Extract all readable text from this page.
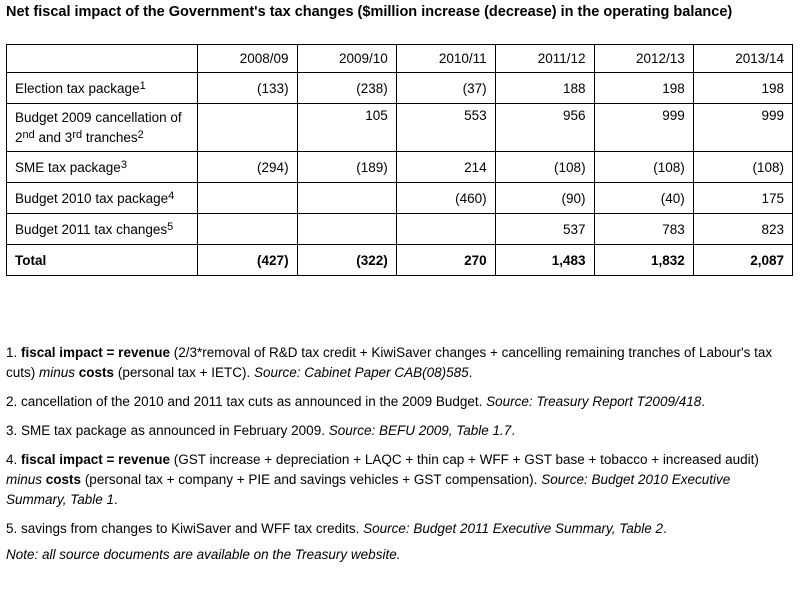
Net fiscal impact of the Government's tax changes ($million increase (decrease) in the operating balance)
	2008/09	2009/10	2010/11	2011/12	2012/13	2013/14
Election tax package$^1$	(133)	(238)	(37)	188	198	198
Budget 2009 cancellation of
2nd and 3rd tranches$^2$		105	553	956	999	999
SME tax package$^3$	(294)	(189)	214	(108)	(108)	(108)
Budget 2010 tax package$^4$			(460)	(90)	(40)	175
Budget 2011 tax changes$^5$				537	783	823
Total	(427)	(322)	270	1,483	1,832	2,087

1. fiscal impact = revenue (2/3*removal of R&D tax credit + KiwiSaver changes + cancelling remaining tranches of Labour's tax cuts) minus costs (personal tax + IETC). Source: Cabinet Paper CAB(08)585.

2. cancellation of the 2010 and 2011 tax cuts as announced in the 2009 Budget. Source: Treasury Report T2009/418.

3. SME tax package as announced in February 2009. Source: BEFU 2009, Table 1.7.

4. fiscal impact = revenue (GST increase + depreciation + LAQC + thin cap + WFF + GST base + tobacco + increased audit) minus costs (personal tax + company + PIE and savings vehicles + GST compensation). Source: Budget 2010 Executive Summary, Table 1.

5. savings from changes to KiwiSaver and WFF tax credits. Source: Budget 2011 Executive Summary, Table 2.

Note: all source documents are available on the Treasury website.
